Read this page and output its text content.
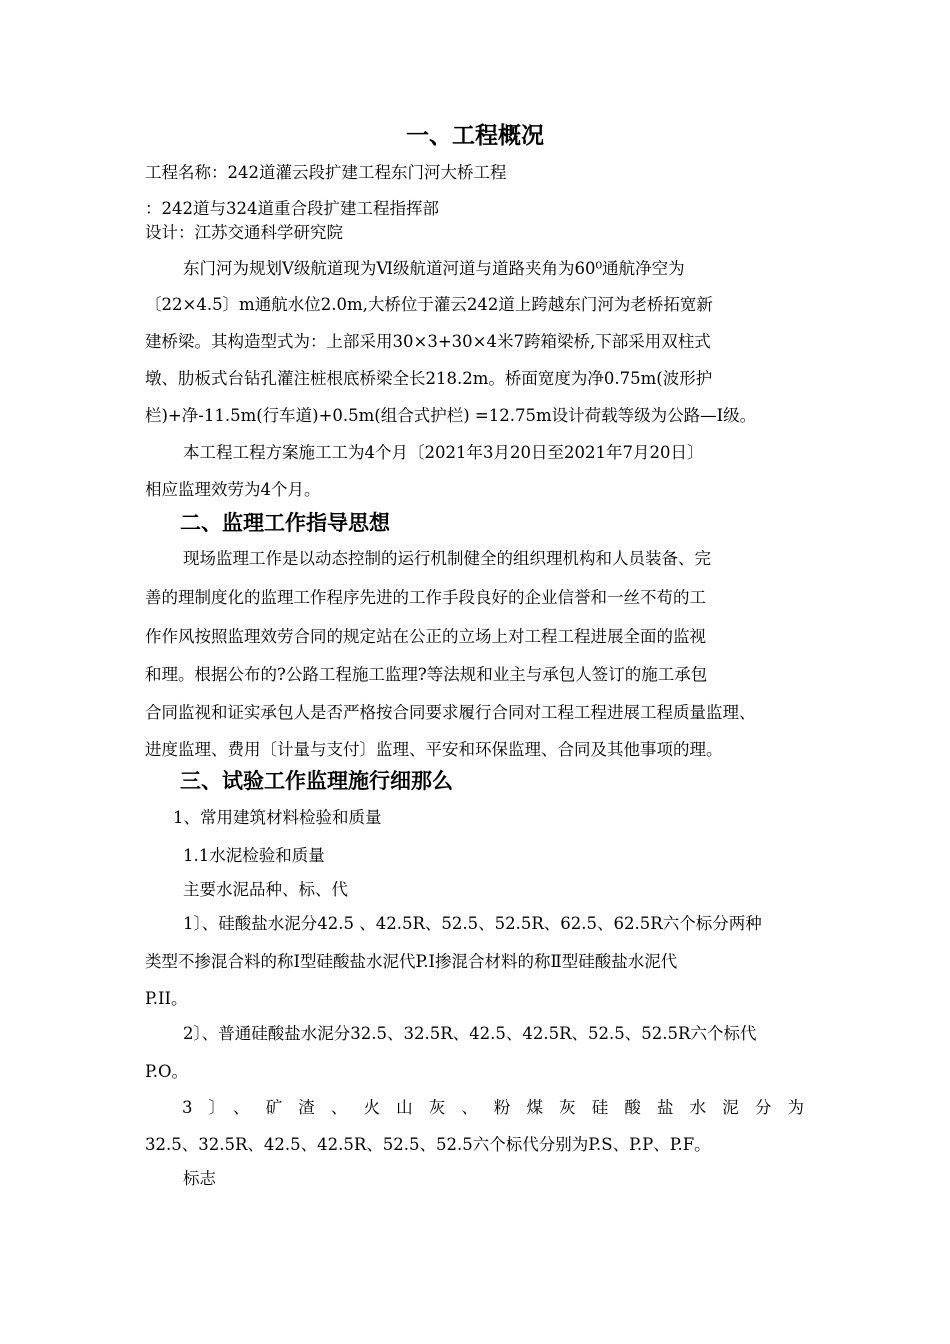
一、工程概况
工程名称：242道灌云段扩建工程东门河大桥工程
：242道与324道重合段扩建工程指挥部
设计：江苏交通科学研究院
东门河为规划Ⅴ级航道现为Ⅵ级航道河道与道路夹角为60⁰通航净空为
〔22×4.5〕m通航水位2.0m,大桥位于灌云242道上跨越东门河为老桥拓宽新
建桥梁。其构造型式为：上部采用30×3+30×4米7跨箱梁桥,下部采用双柱式
墩、肋板式台钻孔灌注桩根底桥梁全长218.2m。桥面宽度为净0.75m(波形护
栏)+净-11.5m(行车道)+0.5m(组合式护栏) =12.75m设计荷载等级为公路—Ⅰ级。
本工程工程方案施工工为4个月〔2021年3月20日至2021年7月20日〕
相应监理效劳为4个月。
二、监理工作指导思想
现场监理工作是以动态控制的运行机制健全的组织理机构和人员装备、完
善的理制度化的监理工作程序先进的工作手段良好的企业信誉和一丝不苟的工
作作风按照监理效劳合同的规定站在公正的立场上对工程工程进展全面的监视
和理。根据公布的?公路工程施工监理?等法规和业主与承包人签订的施工承包
合同监视和证实承包人是否严格按合同要求履行合同对工程工程进展工程质量监理、
进度监理、费用〔计量与支付〕监理、平安和环保监理、合同及其他事项的理。
三、试验工作监理施行细那么
1、常用建筑材料检验和质量
1.1水泥检验和质量
主要水泥品种、标、代
1〕、硅酸盐水泥分42.5 、42.5R、52.5、52.5R、62.5、62.5R六个标分两种
类型不掺混合料的称Ⅰ型硅酸盐水泥代P.I掺混合材料的称Ⅱ型硅酸盐水泥代
P.II。
2〕、普通硅酸盐水泥分32.5、32.5R、42.5、42.5R、52.5、52.5R六个标代
P.O。
3〕、矿渣、火山灰、粉煤灰硅酸盐水泥分为
32.5、32.5R、42.5、42.5R、52.5、52.5六个标代分别为P.S、P.P、P.F。
标志
